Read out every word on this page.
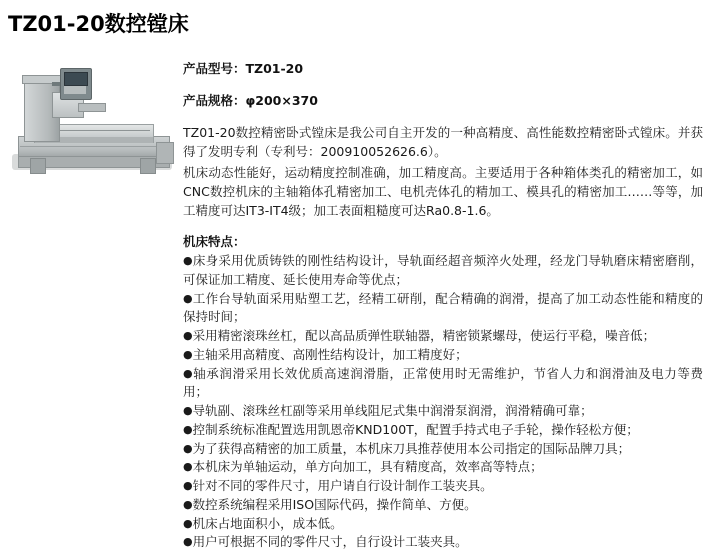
TZ01-20数控镗床
产品型号：TZ01-20
产品规格：φ200×370

TZ01-20数控精密卧式镗床是我公司自主开发的一种高精度、高性能数控精密卧式镗床。并获得了发明专利（专利号：200910052626.6）。

机床动态性能好，运动精度控制准确，加工精度高。主要适用于各种箱体类孔的精密加工，如CNC数控机床的主轴箱体孔精密加工、电机壳体孔的精加工、模具孔的精密加工……等等，加工精度可达IT3-IT4级；加工表面粗糙度可达Ra0.8-1.6。

机床特点：

●床身采用优质铸铁的刚性结构设计，导轨面经超音频淬火处理，经龙门导轨磨床精密磨削，可保证加工精度、延长使用寿命等优点；

●工作台导轨面采用贴塑工艺，经精工研削，配合精确的润滑，提高了加工动态性能和精度的保持时间；

●采用精密滚珠丝杠，配以高品质弹性联轴器，精密锁紧螺母，使运行平稳，噪音低；

●主轴采用高精度、高刚性结构设计，加工精度好；

●轴承润滑采用长效优质高速润滑脂，正常使用时无需维护，节省人力和润滑油及电力等费用；

●导轨副、滚珠丝杠副等采用单线阻尼式集中润滑泵润滑，润滑精确可靠；

●控制系统标准配置选用凯恩帝KND100T，配置手持式电子手轮，操作轻松方便；

●为了获得高精密的加工质量，本机床刀具推荐使用本公司指定的国际品牌刀具；

●本机床为单轴运动，单方向加工，具有精度高，效率高等特点；

●针对不同的零件尺寸，用户请自行设计制作工装夹具。

●数控系统编程采用ISO国际代码，操作简单、方便。

●机床占地面积小，成本低。

●用户可根据不同的零件尺寸，自行设计工装夹具。
